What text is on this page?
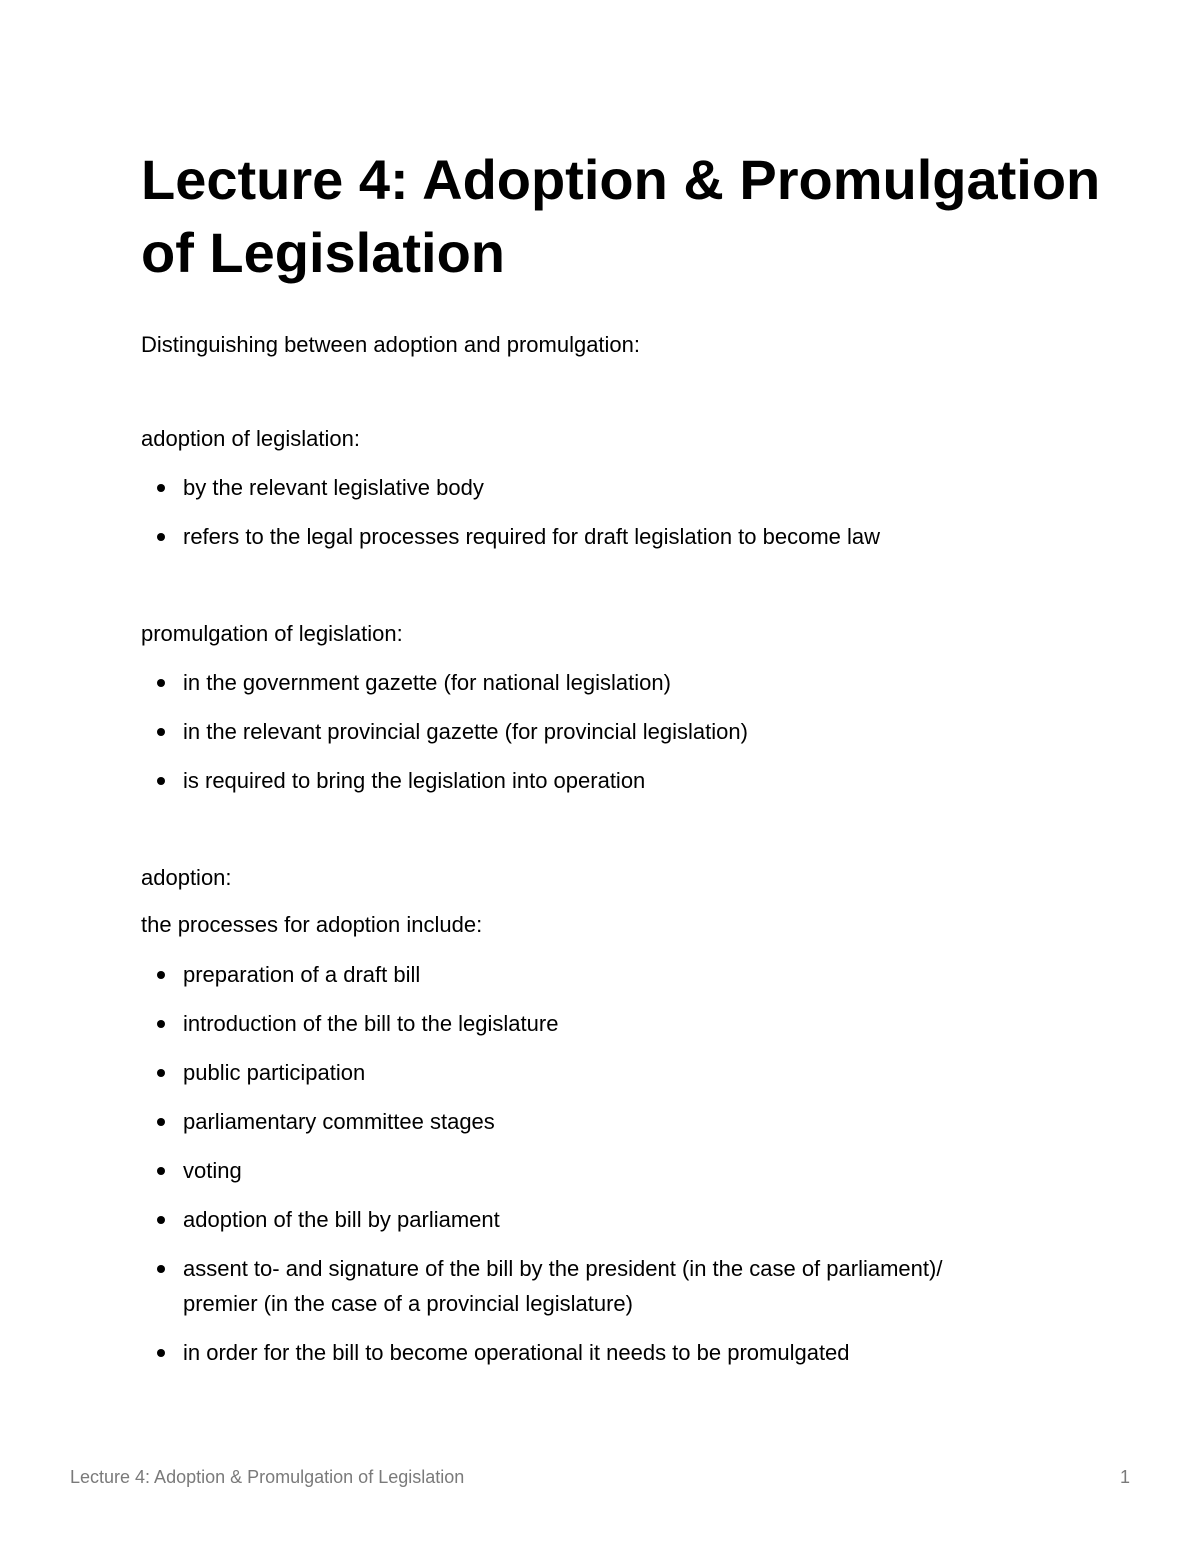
Lecture 4: Adoption & Promulgation of Legislation

Distinguishing between adoption and promulgation:

adoption of legislation:

by the relevant legislative body
refers to the legal processes required for draft legislation to become law

promulgation of legislation:

in the government gazette (for national legislation)
in the relevant provincial gazette (for provincial legislation)
is required to bring the legislation into operation

adoption:

the processes for adoption include:

preparation of a draft bill
introduction of the bill to the legislature
public participation
parliamentary committee stages
voting
adoption of the bill by parliament
assent to- and signature of the bill by the president (in the case of parliament)/ premier (in the case of a provincial legislature)
in order for the bill to become operational it needs to be promulgated
Lecture 4: Adoption & Promulgation of Legislation	1
